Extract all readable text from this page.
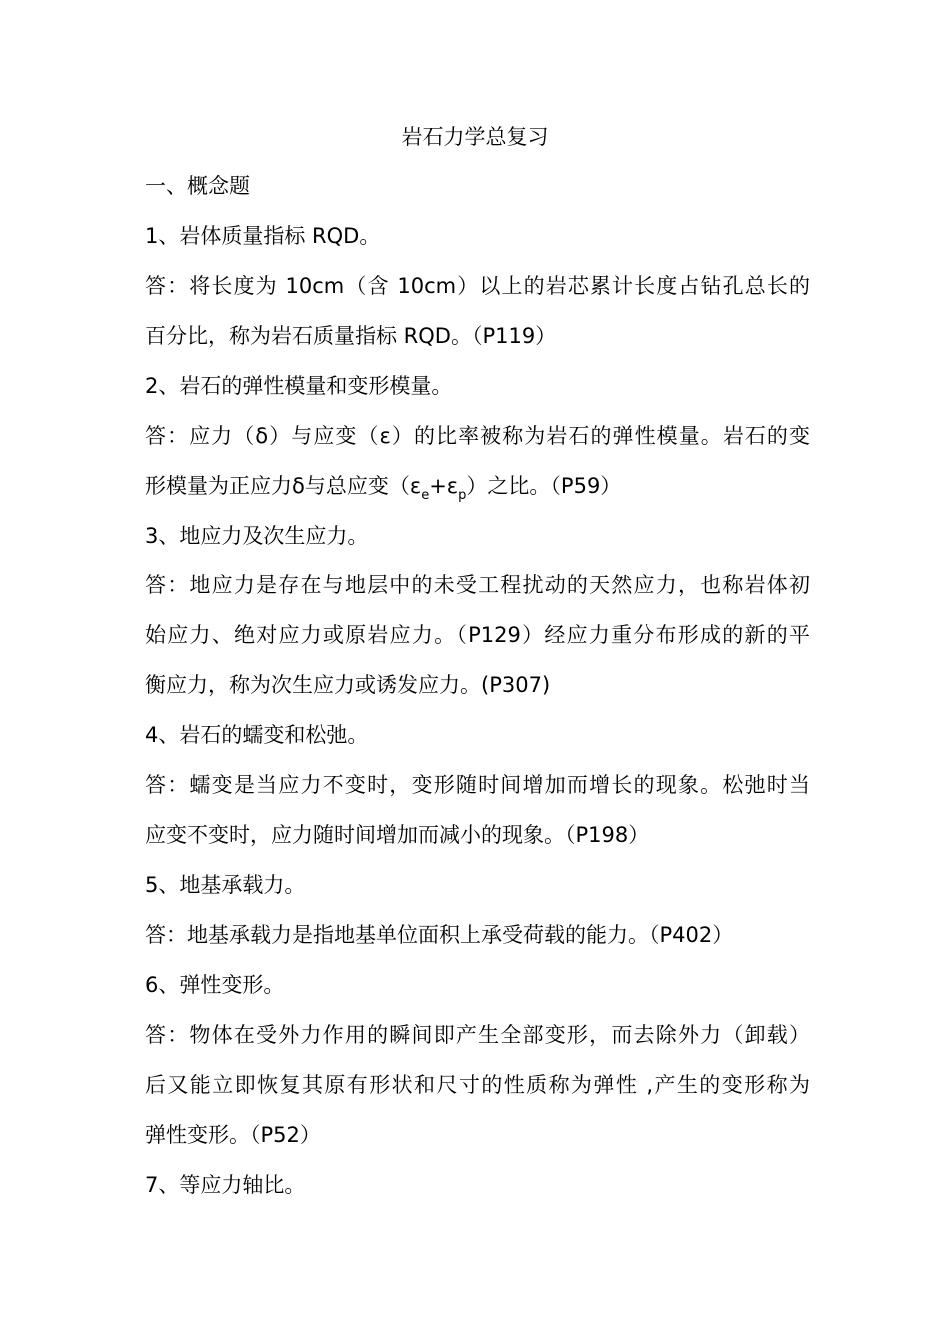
岩石力学总复习
一、概念题
1、岩体质量指标 RQD。
答：将长度为 10cm（含 10cm）以上的岩芯累计长度占钻孔总长的
百分比，称为岩石质量指标 RQD。（P119）
2、岩石的弹性模量和变形模量。
答：应力（δ）与应变（ε）的比率被称为岩石的弹性模量。岩石的变
形模量为正应力δ与总应变$(\varepsilon_e+\varepsilon_p)$之比。（P59）
3、地应力及次生应力。
答：地应力是存在与地层中的未受工程扰动的天然应力，也称岩体初
始应力、绝对应力或原岩应力。（P129）经应力重分布形成的新的平
衡应力，称为次生应力或诱发应力。(P307)
4、岩石的蠕变和松弛。
答：蠕变是当应力不变时，变形随时间增加而增长的现象。松弛时当
应变不变时，应力随时间增加而减小的现象。（P198）
5、地基承载力。
答：地基承载力是指地基单位面积上承受荷载的能力。（P402）
6、弹性变形。
答：物体在受外力作用的瞬间即产生全部变形，而去除外力（卸载）
后又能立即恢复其原有形状和尺寸的性质称为弹性 ,产生的变形称为
弹性变形。（P52）
7、等应力轴比。
